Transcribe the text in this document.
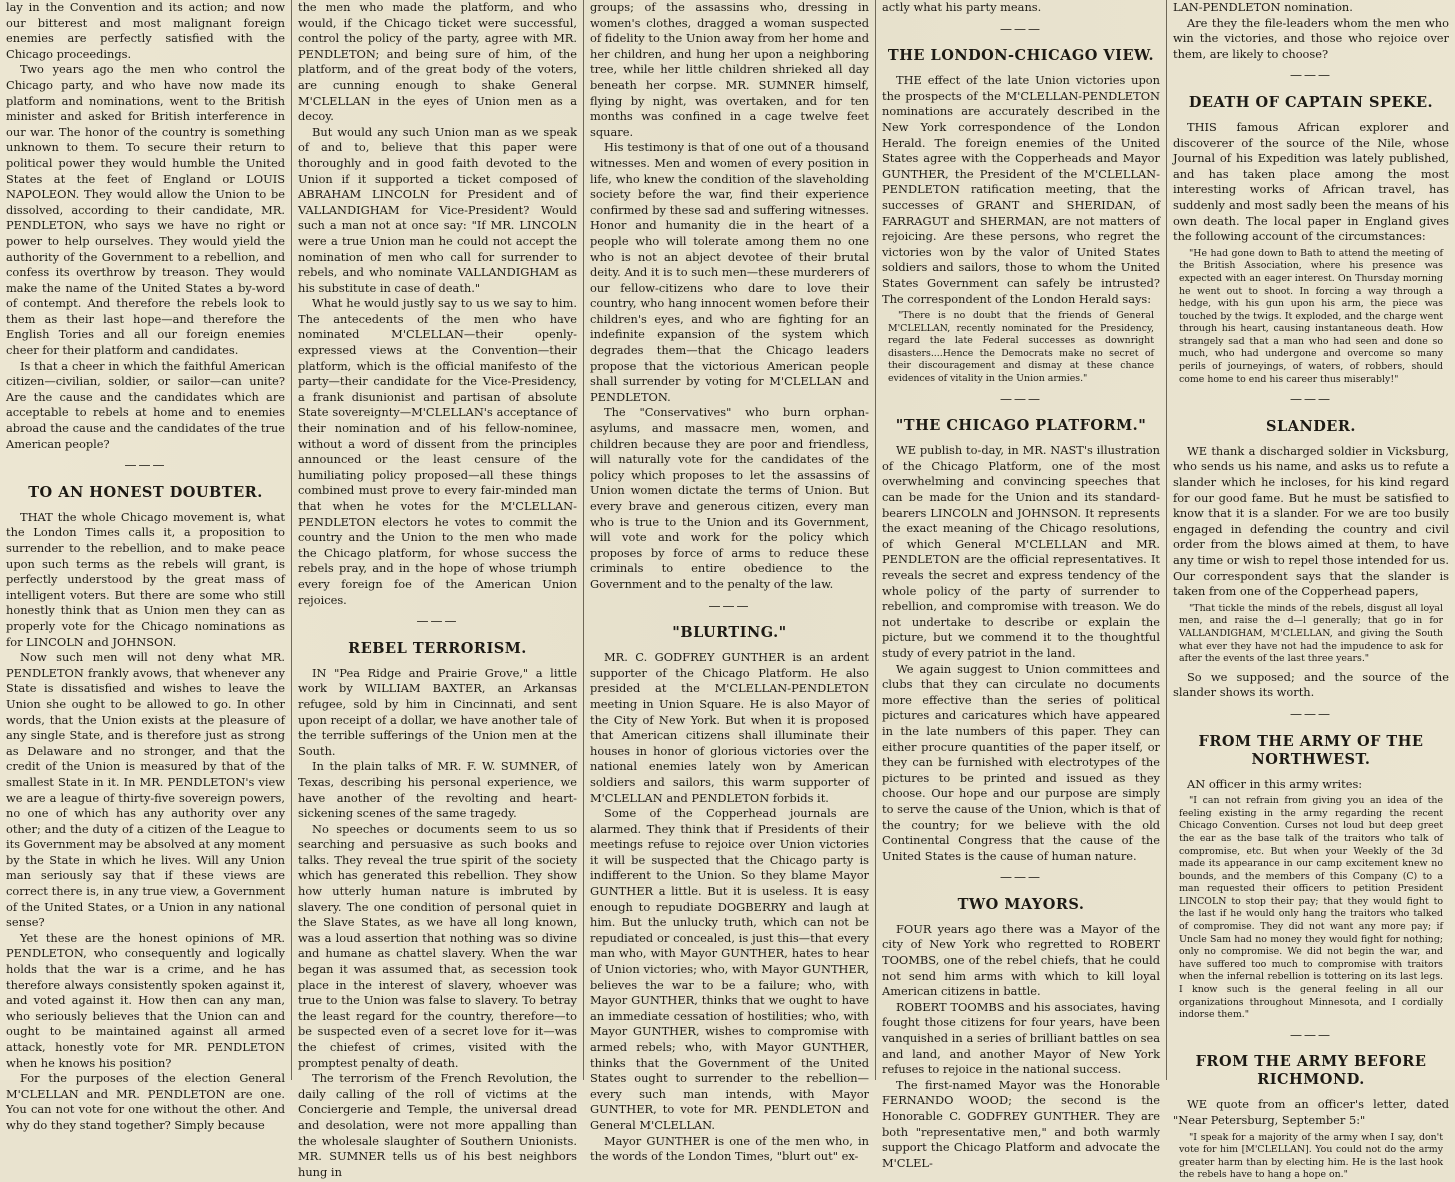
lay in the Convention and its action; and now our bitterest and most malignant foreign enemies are perfectly satisfied with the Chicago proceedings.

Two years ago the men who control the Chicago party, and who have now made its platform and nominations, went to the British minister and asked for British interference in our war. The honor of the country is something unknown to them. To secure their return to political power they would humble the United States at the feet of England or LOUIS NAPOLEON. They would allow the Union to be dissolved, according to their candidate, MR. PENDLETON, who says we have no right or power to help ourselves. They would yield the authority of the Government to a rebellion, and confess its overthrow by treason. They would make the name of the United States a by-word of contempt. And therefore the rebels look to them as their last hope—and therefore the English Tories and all our foreign enemies cheer for their platform and candidates.

Is that a cheer in which the faithful American citizen—civilian, soldier, or sailor—can unite? Are the cause and the candidates which are acceptable to rebels at home and to enemies abroad the cause and the candidates of the true American people?

———
TO AN HONEST DOUBTER.

THAT the whole Chicago movement is, what the London Times calls it, a proposition to surrender to the rebellion, and to make peace upon such terms as the rebels will grant, is perfectly understood by the great mass of intelligent voters. But there are some who still honestly think that as Union men they can as properly vote for the Chicago nominations as for LINCOLN and JOHNSON.

Now such men will not deny what MR. PENDLETON frankly avows, that whenever any State is dissatisfied and wishes to leave the Union she ought to be allowed to go. In other words, that the Union exists at the pleasure of any single State, and is therefore just as strong as Delaware and no stronger, and that the credit of the Union is measured by that of the smallest State in it. In MR. PENDLETON's view we are a league of thirty-five sovereign powers, no one of which has any authority over any other; and the duty of a citizen of the League to its Government may be absolved at any moment by the State in which he lives. Will any Union man seriously say that if these views are correct there is, in any true view, a Government of the United States, or a Union in any national sense?

Yet these are the honest opinions of MR. PENDLETON, who consequently and logically holds that the war is a crime, and he has therefore always consistently spoken against it, and voted against it. How then can any man, who seriously believes that the Union can and ought to be maintained against all armed attack, honestly vote for MR. PENDLETON when he knows his position?

For the purposes of the election General M'CLELLAN and MR. PENDLETON are one. You can not vote for one without the other. And why do they stand together? Simply because

the men who made the platform, and who would, if the Chicago ticket were successful, control the policy of the party, agree with MR. PENDLETON; and being sure of him, of the platform, and of the great body of the voters, are cunning enough to shake General M'CLELLAN in the eyes of Union men as a decoy.

But would any such Union man as we speak of and to, believe that this paper were thoroughly and in good faith devoted to the Union if it supported a ticket composed of ABRAHAM LINCOLN for President and of VALLANDIGHAM for Vice-President? Would such a man not at once say: "If MR. LINCOLN were a true Union man he could not accept the nomination of men who call for surrender to rebels, and who nominate VALLANDIGHAM as his substitute in case of death."

What he would justly say to us we say to him. The antecedents of the men who have nominated M'CLELLAN—their openly-expressed views at the Convention—their platform, which is the official manifesto of the party—their candidate for the Vice-Presidency, a frank disunionist and partisan of absolute State sovereignty—M'CLELLAN's acceptance of their nomination and of his fellow-nominee, without a word of dissent from the principles announced or the least censure of the humiliating policy proposed—all these things combined must prove to every fair-minded man that when he votes for the M'CLELLAN-PENDLETON electors he votes to commit the country and the Union to the men who made the Chicago platform, for whose success the rebels pray, and in the hope of whose triumph every foreign foe of the American Union rejoices.

———
REBEL TERRORISM.

IN "Pea Ridge and Prairie Grove," a little work by WILLIAM BAXTER, an Arkansas refugee, sold by him in Cincinnati, and sent upon receipt of a dollar, we have another tale of the terrible sufferings of the Union men at the South.

In the plain talks of MR. F. W. SUMNER, of Texas, describing his personal experience, we have another of the revolting and heart-sickening scenes of the same tragedy.

No speeches or documents seem to us so searching and persuasive as such books and talks. They reveal the true spirit of the society which has generated this rebellion. They show how utterly human nature is imbruted by slavery. The one condition of personal quiet in the Slave States, as we have all long known, was a loud assertion that nothing was so divine and humane as chattel slavery. When the war began it was assumed that, as secession took place in the interest of slavery, whoever was true to the Union was false to slavery. To betray the least regard for the country, therefore—to be suspected even of a secret love for it—was the chiefest of crimes, visited with the promptest penalty of death.

The terrorism of the French Revolution, the daily calling of the roll of victims at the Conciergerie and Temple, the universal dread and desolation, were not more appalling than the wholesale slaughter of Southern Unionists. MR. SUMNER tells us of his best neighbors hung in

groups; of the assassins who, dressing in women's clothes, dragged a woman suspected of fidelity to the Union away from her home and her children, and hung her upon a neighboring tree, while her little children shrieked all day beneath her corpse. MR. SUMNER himself, flying by night, was overtaken, and for ten months was confined in a cage twelve feet square.

His testimony is that of one out of a thousand witnesses. Men and women of every position in life, who knew the condition of the slaveholding society before the war, find their experience confirmed by these sad and suffering witnesses. Honor and humanity die in the heart of a people who will tolerate among them no one who is not an abject devotee of their brutal deity. And it is to such men—these murderers of our fellow-citizens who dare to love their country, who hang innocent women before their children's eyes, and who are fighting for an indefinite expansion of the system which degrades them—that the Chicago leaders propose that the victorious American people shall surrender by voting for M'CLELLAN and PENDLETON.

The "Conservatives" who burn orphan-asylums, and massacre men, women, and children because they are poor and friendless, will naturally vote for the candidates of the policy which proposes to let the assassins of Union women dictate the terms of Union. But every brave and generous citizen, every man who is true to the Union and its Government, will vote and work for the policy which proposes by force of arms to reduce these criminals to entire obedience to the Government and to the penalty of the law.

———
"BLURTING."

MR. C. GODFREY GUNTHER is an ardent supporter of the Chicago Platform. He also presided at the M'CLELLAN-PENDLETON meeting in Union Square. He is also Mayor of the City of New York. But when it is proposed that American citizens shall illuminate their houses in honor of glorious victories over the national enemies lately won by American soldiers and sailors, this warm supporter of M'CLELLAN and PENDLETON forbids it.

Some of the Copperhead journals are alarmed. They think that if Presidents of their meetings refuse to rejoice over Union victories it will be suspected that the Chicago party is indifferent to the Union. So they blame Mayor GUNTHER a little. But it is useless. It is easy enough to repudiate DOGBERRY and laugh at him. But the unlucky truth, which can not be repudiated or concealed, is just this—that every man who, with Mayor GUNTHER, hates to hear of Union victories; who, with Mayor GUNTHER, believes the war to be a failure; who, with Mayor GUNTHER, thinks that we ought to have an immediate cessation of hostilities; who, with Mayor GUNTHER, wishes to compromise with armed rebels; who, with Mayor GUNTHER, thinks that the Government of the United States ought to surrender to the rebellion—every such man intends, with Mayor GUNTHER, to vote for MR. PENDLETON and General M'CLELLAN.

Mayor GUNTHER is one of the men who, in the words of the London Times, "blurt out" ex-

actly what his party means.

———
THE LONDON-CHICAGO VIEW.

THE effect of the late Union victories upon the prospects of the M'CLELLAN-PENDLETON nominations are accurately described in the New York correspondence of the London Herald. The foreign enemies of the United States agree with the Copperheads and Mayor GUNTHER, the President of the M'CLELLAN-PENDLETON ratification meeting, that the successes of GRANT and SHERIDAN, of FARRAGUT and SHERMAN, are not matters of rejoicing. Are these persons, who regret the victories won by the valor of United States soldiers and sailors, those to whom the United States Government can safely be intrusted? The correspondent of the London Herald says:

"There is no doubt that the friends of General M'CLELLAN, recently nominated for the Presidency, regard the late Federal successes as downright disasters....Hence the Democrats make no secret of their discouragement and dismay at these chance evidences of vitality in the Union armies."

———
"THE CHICAGO PLATFORM."

WE publish to-day, in MR. NAST's illustration of the Chicago Platform, one of the most overwhelming and convincing speeches that can be made for the Union and its standard-bearers LINCOLN and JOHNSON. It represents the exact meaning of the Chicago resolutions, of which General M'CLELLAN and MR. PENDLETON are the official representatives. It reveals the secret and express tendency of the whole policy of the party of surrender to rebellion, and compromise with treason. We do not undertake to describe or explain the picture, but we commend it to the thoughtful study of every patriot in the land.

We again suggest to Union committees and clubs that they can circulate no documents more effective than the series of political pictures and caricatures which have appeared in the late numbers of this paper. They can either procure quantities of the paper itself, or they can be furnished with electrotypes of the pictures to be printed and issued as they choose. Our hope and our purpose are simply to serve the cause of the Union, which is that of the country; for we believe with the old Continental Congress that the cause of the United States is the cause of human nature.

———
TWO MAYORS.

FOUR years ago there was a Mayor of the city of New York who regretted to ROBERT TOOMBS, one of the rebel chiefs, that he could not send him arms with which to kill loyal American citizens in battle.

ROBERT TOOMBS and his associates, having fought those citizens for four years, have been vanquished in a series of brilliant battles on sea and land, and another Mayor of New York refuses to rejoice in the national success.

The first-named Mayor was the Honorable FERNANDO WOOD; the second is the Honorable C. GODFREY GUNTHER. They are both "representative men," and both warmly support the Chicago Platform and advocate the M'CLEL-

LAN-PENDLETON nomination.

Are they the file-leaders whom the men who win the victories, and those who rejoice over them, are likely to choose?

———
DEATH OF CAPTAIN SPEKE.

THIS famous African explorer and discoverer of the source of the Nile, whose Journal of his Expedition was lately published, and has taken place among the most interesting works of African travel, has suddenly and most sadly been the means of his own death. The local paper in England gives the following account of the circumstances:

"He had gone down to Bath to attend the meeting of the British Association, where his presence was expected with an eager interest. On Thursday morning he went out to shoot. In forcing a way through a hedge, with his gun upon his arm, the piece was touched by the twigs. It exploded, and the charge went through his heart, causing instantaneous death. How strangely sad that a man who had seen and done so much, who had undergone and overcome so many perils of journeyings, of waters, of robbers, should come home to end his career thus miserably!"

———
SLANDER.

WE thank a discharged soldier in Vicksburg, who sends us his name, and asks us to refute a slander which he incloses, for his kind regard for our good fame. But he must be satisfied to know that it is a slander. For we are too busily engaged in defending the country and civil order from the blows aimed at them, to have any time or wish to repel those intended for us. Our correspondent says that the slander is taken from one of the Copperhead papers,

"That tickle the minds of the rebels, disgust all loyal men, and raise the d—l generally; that go in for VALLANDIGHAM, M'CLELLAN, and giving the South what ever they have not had the impudence to ask for after the events of the last three years."

So we supposed; and the source of the slander shows its worth.

———
FROM THE ARMY OF THE NORTHWEST.

AN officer in this army writes:

"I can not refrain from giving you an idea of the feeling existing in the army regarding the recent Chicago Convention. Curses not loud but deep greet the ear as the base talk of the traitors who talk of compromise, etc. But when your Weekly of the 3d made its appearance in our camp excitement knew no bounds, and the members of this Company (C) to a man requested their officers to petition President LINCOLN to stop their pay; that they would fight to the last if he would only hang the traitors who talked of compromise. They did not want any more pay; if Uncle Sam had no money they would fight for nothing; only no compromise. We did not begin the war, and have suffered too much to compromise with traitors when the infernal rebellion is tottering on its last legs. I know such is the general feeling in all our organizations throughout Minnesota, and I cordially indorse them."

———
FROM THE ARMY BEFORE RICHMOND.

WE quote from an officer's letter, dated "Near Petersburg, September 5:"

"I speak for a majority of the army when I say, don't vote for him [M'CLELLAN]. You could not do the army greater harm than by electing him. He is the last hook the rebels have to hang a hope on."
